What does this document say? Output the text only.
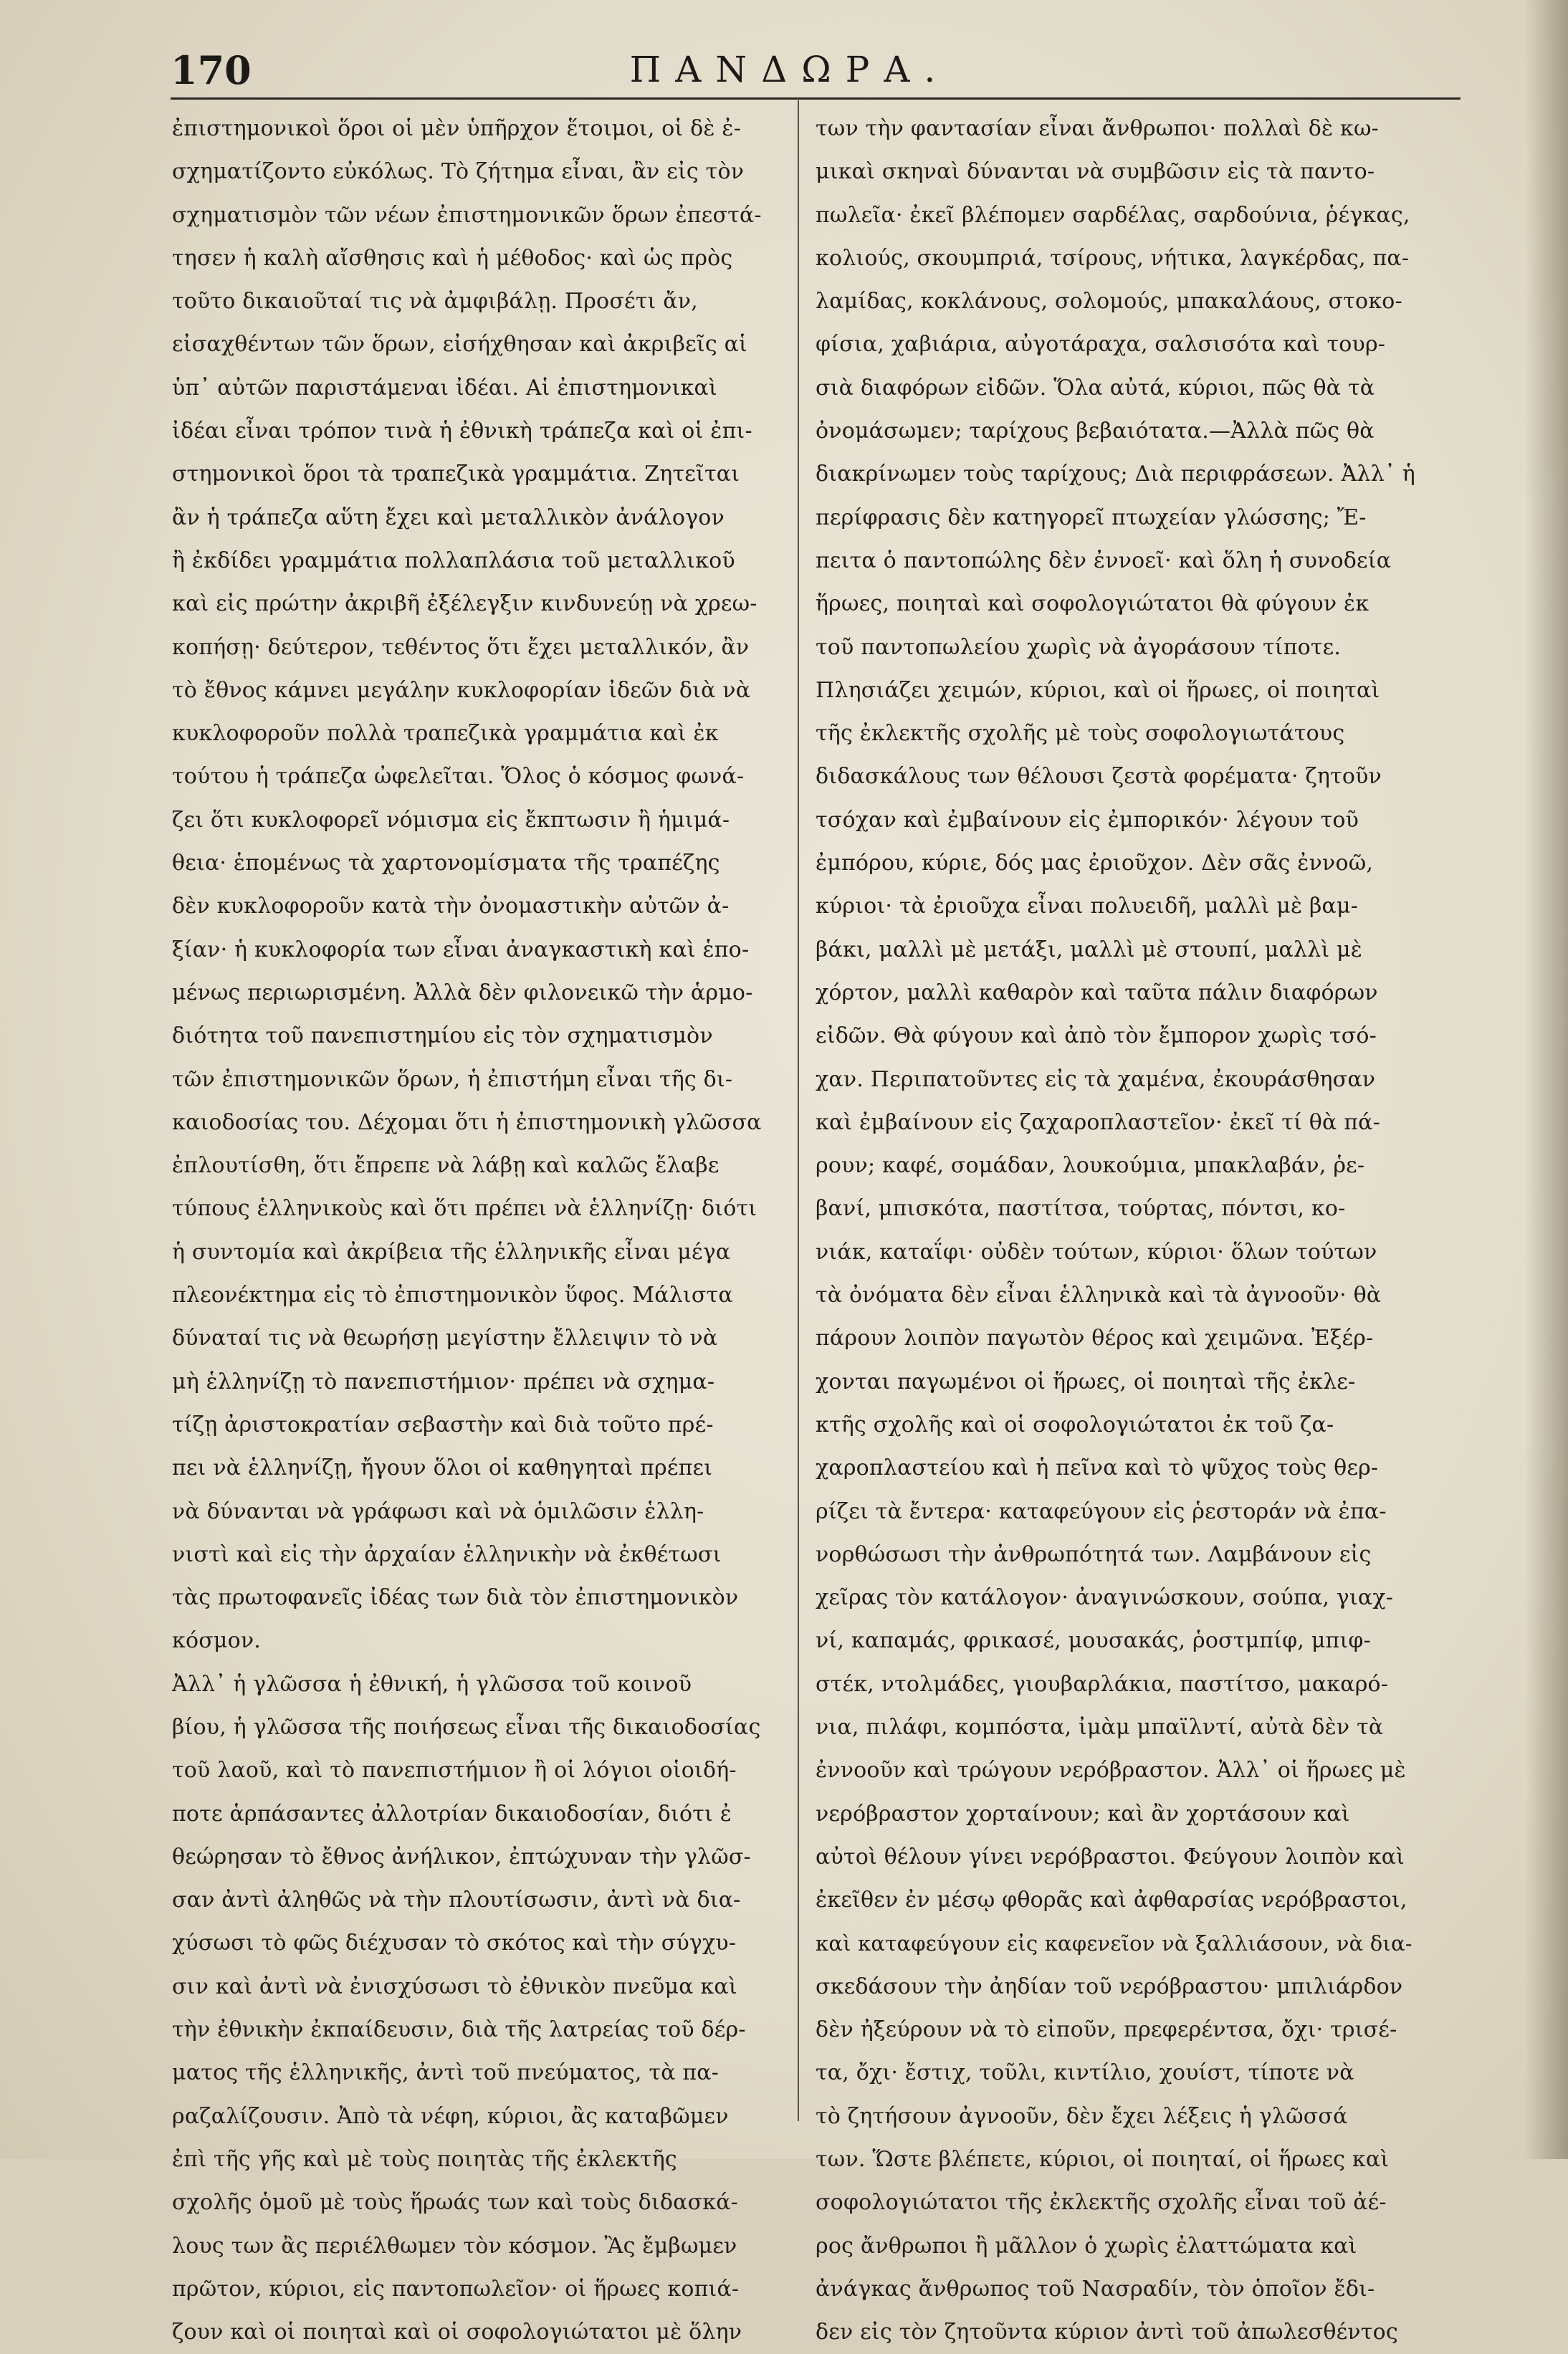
170	ΠΑΝΔΩΡΑ.
ἐπιστημονικοὶ ὅροι οἱ μὲν ὑπῆρχον ἕτοιμοι, οἱ δὲ ἐ-
σχηματίζοντο εὐκόλως. Τὸ ζήτημα εἶναι, ἂν εἰς τὸν
σχηματισμὸν τῶν νέων ἐπιστημονικῶν ὅρων ἐπεστά-
τησεν ἡ καλὴ αἴσθησις καὶ ἡ μέθοδος· καὶ ὡς πρὸς
τοῦτο δικαιοῦταί τις νὰ ἀμφιβάλῃ. Προσέτι ἄν,
εἰσαχθέντων τῶν ὅρων, εἰσήχθησαν καὶ ἀκριβεῖς αἱ
ὑπ᾽ αὐτῶν παριστάμεναι ἰδέαι. Αἱ ἐπιστημονικαὶ
ἰδέαι εἶναι τρόπον τινὰ ἡ ἐθνικὴ τράπεζα καὶ οἱ ἐπι-
στημονικοὶ ὅροι τὰ τραπεζικὰ γραμμάτια. Ζητεῖται
ἂν ἡ τράπεζα αὕτη ἔχει καὶ μεταλλικὸν ἀνάλογον
ἢ ἐκδίδει γραμμάτια πολλαπλάσια τοῦ μεταλλικοῦ
καὶ εἰς πρώτην ἀκριβῆ ἐξέλεγξιν κινδυνεύῃ νὰ χρεω-
κοπήσῃ· δεύτερον, τεθέντος ὅτι ἔχει μεταλλικόν, ἂν
τὸ ἔθνος κάμνει μεγάλην κυκλοφορίαν ἰδεῶν διὰ νὰ
κυκλοφοροῦν πολλὰ τραπεζικὰ γραμμάτια καὶ ἐκ
τούτου ἡ τράπεζα ὠφελεῖται. Ὅλος ὁ κόσμος φωνά-
ζει ὅτι κυκλοφορεῖ νόμισμα εἰς ἔκπτωσιν ἢ ἡμιμά-
θεια· ἑπομένως τὰ χαρτονομίσματα τῆς τραπέζης
δὲν κυκλοφοροῦν κατὰ τὴν ὀνομαστικὴν αὐτῶν ἀ-
ξίαν· ἡ κυκλοφορία των εἶναι ἀναγκαστικὴ καὶ ἑπο-
μένως περιωρισμένη. Ἀλλὰ δὲν φιλονεικῶ τὴν ἁρμο-
διότητα τοῦ πανεπιστημίου εἰς τὸν σχηματισμὸν
τῶν ἐπιστημονικῶν ὅρων, ἡ ἐπιστήμη εἶναι τῆς δι-
καιοδοσίας του. Δέχομαι ὅτι ἡ ἐπιστημονικὴ γλῶσσα
ἐπλουτίσθη, ὅτι ἔπρεπε νὰ λάβῃ καὶ καλῶς ἔλαβε
τύπους ἑλληνικοὺς καὶ ὅτι πρέπει νὰ ἑλληνίζῃ· διότι
ἡ συντομία καὶ ἀκρίβεια τῆς ἑλληνικῆς εἶναι μέγα
πλεονέκτημα εἰς τὸ ἐπιστημονικὸν ὕφος. Μάλιστα
δύναταί τις νὰ θεωρήσῃ μεγίστην ἔλλειψιν τὸ νὰ
μὴ ἑλληνίζῃ τὸ πανεπιστήμιον· πρέπει νὰ σχημα-
τίζῃ ἀριστοκρατίαν σεβαστὴν καὶ διὰ τοῦτο πρέ-
πει νὰ ἑλληνίζῃ, ἤγουν ὅλοι οἱ καθηγηταὶ πρέπει
νὰ δύνανται νὰ γράφωσι καὶ νὰ ὁμιλῶσιν ἑλλη-
νιστὶ καὶ εἰς τὴν ἀρχαίαν ἑλληνικὴν νὰ ἐκθέτωσι
τὰς πρωτοφανεῖς ἰδέας των διὰ τὸν ἐπιστημονικὸν
κόσμον.
Ἀλλ᾽ ἡ γλῶσσα ἡ ἐθνική, ἡ γλῶσσα τοῦ κοινοῦ
βίου, ἡ γλῶσσα τῆς ποιήσεως εἶναι τῆς δικαιοδοσίας
τοῦ λαοῦ, καὶ τὸ πανεπιστήμιον ἢ οἱ λόγιοι οἱοιδή-
ποτε ἁρπάσαντες ἀλλοτρίαν δικαιοδοσίαν, διότι ἐ
θεώρησαν τὸ ἔθνος ἀνήλικον, ἐπτώχυναν τὴν γλῶσ-
σαν ἀντὶ ἀληθῶς νὰ τὴν πλουτίσωσιν, ἀντὶ νὰ δια-
χύσωσι τὸ φῶς διέχυσαν τὸ σκότος καὶ τὴν σύγχυ-
σιν καὶ ἀντὶ νὰ ἐνισχύσωσι τὸ ἐθνικὸν πνεῦμα καὶ
τὴν ἐθνικὴν ἐκπαίδευσιν, διὰ τῆς λατρείας τοῦ δέρ-
ματος τῆς ἑλληνικῆς, ἀντὶ τοῦ πνεύματος, τὰ πα-
ραζαλίζουσιν. Ἀπὸ τὰ νέφη, κύριοι, ἂς καταβῶμεν
ἐπὶ τῆς γῆς καὶ μὲ τοὺς ποιητὰς τῆς ἐκλεκτῆς
σχολῆς ὁμοῦ μὲ τοὺς ἥρωάς των καὶ τοὺς διδασκά-
λους των ἂς περιέλθωμεν τὸν κόσμον. Ἂς ἔμβωμεν
πρῶτον, κύριοι, εἰς παντοπωλεῖον· οἱ ἥρωες κοπιά-
ζουν καὶ οἱ ποιηταὶ καὶ οἱ σοφολογιώτατοι μὲ ὅλην
των τὴν φαντασίαν εἶναι ἄνθρωποι· πολλαὶ δὲ κω-
μικαὶ σκηναὶ δύνανται νὰ συμβῶσιν εἰς τὰ παντο-
πωλεῖα· ἐκεῖ βλέπομεν σαρδέλας, σαρδούνια, ῥέγκας,
κολιούς, σκουμπριά, τσίρους, νήτικα, λαγκέρδας, πα-
λαμίδας, κοκλάνους, σολομούς, μπακαλάους, στοκο-
φίσια, χαβιάρια, αὐγοτάραχα, σαλσισότα καὶ τουρ-
σιὰ διαφόρων εἰδῶν. Ὅλα αὐτά, κύριοι, πῶς θὰ τὰ
ὀνομάσωμεν; ταρίχους βεβαιότατα.—Ἀλλὰ πῶς θὰ
διακρίνωμεν τοὺς ταρίχους; Διὰ περιφράσεων. Ἀλλ᾽ ἡ
περίφρασις δὲν κατηγορεῖ πτωχείαν γλώσσης; Ἔ-
πειτα ὁ παντοπώλης δὲν ἐννοεῖ· καὶ ὅλη ἡ συνοδεία
ἥρωες, ποιηταὶ καὶ σοφολογιώτατοι θὰ φύγουν ἐκ
τοῦ παντοπωλείου χωρὶς νὰ ἀγοράσουν τίποτε.
Πλησιάζει χειμών, κύριοι, καὶ οἱ ἥρωες, οἱ ποιηταὶ
τῆς ἐκλεκτῆς σχολῆς μὲ τοὺς σοφολογιωτάτους
διδασκάλους των θέλουσι ζεστὰ φορέματα· ζητοῦν
τσόχαν καὶ ἐμβαίνουν εἰς ἐμπορικόν· λέγουν τοῦ
ἐμπόρου, κύριε, δός μας ἐριοῦχον. Δὲν σᾶς ἐννοῶ,
κύριοι· τὰ ἐριοῦχα εἶναι πολυειδῆ, μαλλὶ μὲ βαμ-
βάκι, μαλλὶ μὲ μετάξι, μαλλὶ μὲ στουπί, μαλλὶ μὲ
χόρτον, μαλλὶ καθαρὸν καὶ ταῦτα πάλιν διαφόρων
εἰδῶν. Θὰ φύγουν καὶ ἀπὸ τὸν ἔμπορον χωρὶς τσό-
χαν. Περιπατοῦντες εἰς τὰ χαμένα, ἐκουράσθησαν
καὶ ἐμβαίνουν εἰς ζαχαροπλαστεῖον· ἐκεῖ τί θὰ πά-
ρουν; καφέ, σομάδαν, λουκούμια, μπακλαβάν, ῥε-
βανί, μπισκότα, παστίτσα, τούρτας, πόντσι, κο-
νιάκ, καταΐφι· οὐδὲν τούτων, κύριοι· ὅλων τούτων
τὰ ὀνόματα δὲν εἶναι ἑλληνικὰ καὶ τὰ ἀγνοοῦν· θὰ
πάρουν λοιπὸν παγωτὸν θέρος καὶ χειμῶνα. Ἐξέρ-
χονται παγωμένοι οἱ ἥρωες, οἱ ποιηταὶ τῆς ἐκλε-
κτῆς σχολῆς καὶ οἱ σοφολογιώτατοι ἐκ τοῦ ζα-
χαροπλαστείου καὶ ἡ πεῖνα καὶ τὸ ψῦχος τοὺς θερ-
ρίζει τὰ ἔντερα· καταφεύγουν εἰς ῥεστοράν νὰ ἐπα-
νορθώσωσι τὴν ἀνθρωπότητά των. Λαμβάνουν εἰς
χεῖρας τὸν κατάλογον· ἀναγινώσκουν, σούπα, γιαχ-
νί, καπαμάς, φρικασέ, μουσακάς, ῥοστμπίφ, μπιφ-
στέκ, ντολμάδες, γιουβαρλάκια, παστίτσο, μακαρό-
νια, πιλάφι, κομπόστα, ἰμὰμ μπαϊλντί, αὐτὰ δὲν τὰ
ἐννοοῦν καὶ τρώγουν νερόβραστον. Ἀλλ᾽ οἱ ἥρωες μὲ
νερόβραστον χορταίνουν; καὶ ἂν χορτάσουν καὶ
αὐτοὶ θέλουν γίνει νερόβραστοι. Φεύγουν λοιπὸν καὶ
ἐκεῖθεν ἐν μέσῳ φθορᾶς καὶ ἀφθαρσίας νερόβραστοι,
καὶ καταφεύγουν εἰς καφενεῖον νὰ ξαλλιάσουν, νὰ δια-
σκεδάσουν τὴν ἀηδίαν τοῦ νερόβραστου· μπιλιάρδον
δὲν ἠξεύρουν νὰ τὸ εἰποῦν, πρεφερέντσα, ὄχι· τρισέ-
τα, ὄχι· ἔστιχ, τοῦλι, κιντίλιο, χουίστ, τίποτε νὰ
τὸ ζητήσουν ἀγνοοῦν, δὲν ἔχει λέξεις ἡ γλῶσσά
των. Ὥστε βλέπετε, κύριοι, οἱ ποιηταί, οἱ ἥρωες καὶ
σοφολογιώτατοι τῆς ἐκλεκτῆς σχολῆς εἶναι τοῦ ἀέ-
ρος ἄνθρωποι ἢ μᾶλλον ὁ χωρὶς ἐλαττώματα καὶ
ἀνάγκας ἄνθρωπος τοῦ Νασραδίν, τὸν ὁποῖον ἔδι-
δεν εἰς τὸν ζητοῦντα κύριον ἀντὶ τοῦ ἀπωλεσθέντος
